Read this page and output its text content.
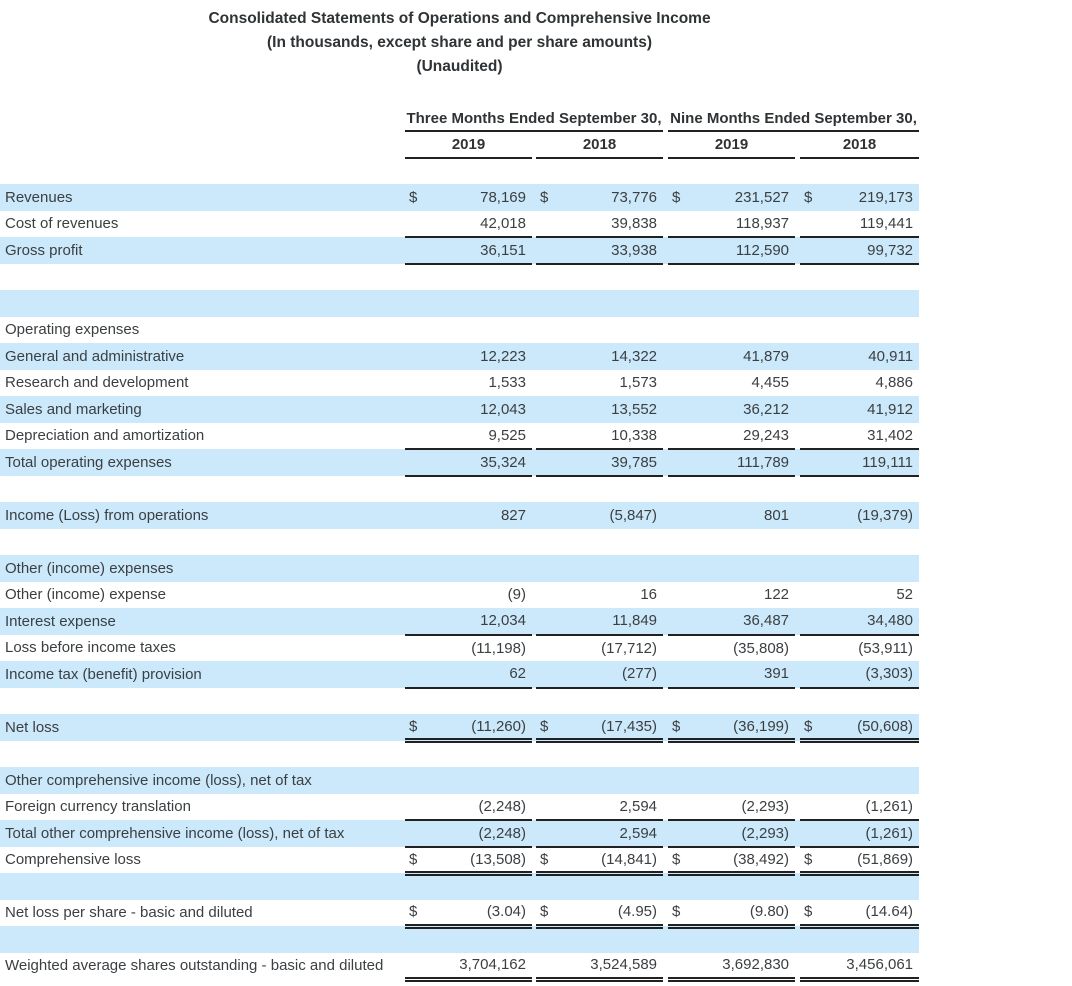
Consolidated Statements of Operations and Comprehensive Income
(In thousands, except share and per share amounts)
(Unaudited)
	Three Months Ended September 30,				Nine Months Ended September 30,		
	2019		2018		2019		2018

Revenues	$ 78,169		$ 73,776		$ 231,527		$ 219,173

Cost of revenues	42,018		39,838		118,937		119,441

Gross profit	36,151		33,938		112,590		99,732

Operating expenses							
General and administrative	12,223		14,322		41,879		40,911

Research and development	1,533		1,573		4,455		4,886

Sales and marketing	12,043		13,552		36,212		41,912

Depreciation and amortization	9,525		10,338		29,243		31,402

Total operating expenses	35,324		39,785		111,789		119,111

Income (Loss) from operations	827		(5,847)		801		(19,379)

Other (income) expenses							
Other (income) expense	(9)		16		122		52

Interest expense	12,034		11,849		36,487		34,480

Loss before income taxes	(11,198)		(17,712)		(35,808)		(53,911)

Income tax (benefit) provision	62		(277)		391		(3,303)

Net loss	$ (11,260)		$ (17,435)		$ (36,199)		$ (50,608)

Other comprehensive income (loss), net of tax							
Foreign currency translation	(2,248)		2,594		(2,293)		(1,261)

Total other comprehensive income (loss), net of tax	(2,248)		2,594		(2,293)		(1,261)

Comprehensive loss	$ (13,508)		$ (14,841)		$ (38,492)		$ (51,869)

Net loss per share - basic and diluted	$ (3.04)		$ (4.95)		$ (9.80)		$ (14.64)

Weighted average shares outstanding - basic and diluted	3,704,162		3,524,589		3,692,830		3,456,061
